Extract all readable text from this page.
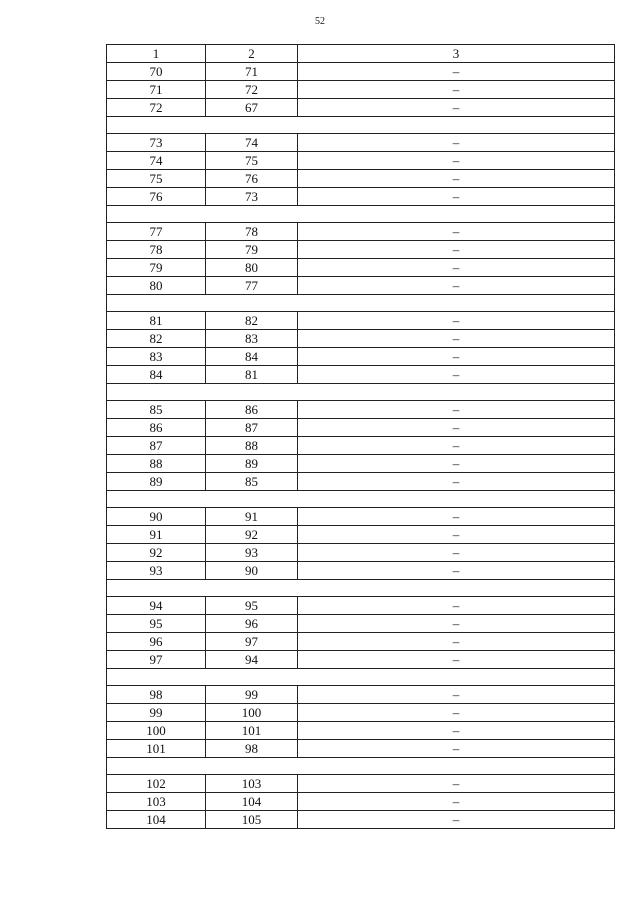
52
1	2	3
70	71	–
71	72	–
72	67	–

73	74	–
74	75	–
75	76	–
76	73	–

77	78	–
78	79	–
79	80	–
80	77	–

81	82	–
82	83	–
83	84	–
84	81	–

85	86	–
86	87	–
87	88	–
88	89	–
89	85	–

90	91	–
91	92	–
92	93	–
93	90	–

94	95	–
95	96	–
96	97	–
97	94	–

98	99	–
99	100	–
100	101	–
101	98	–

102	103	–
103	104	–
104	105	–
